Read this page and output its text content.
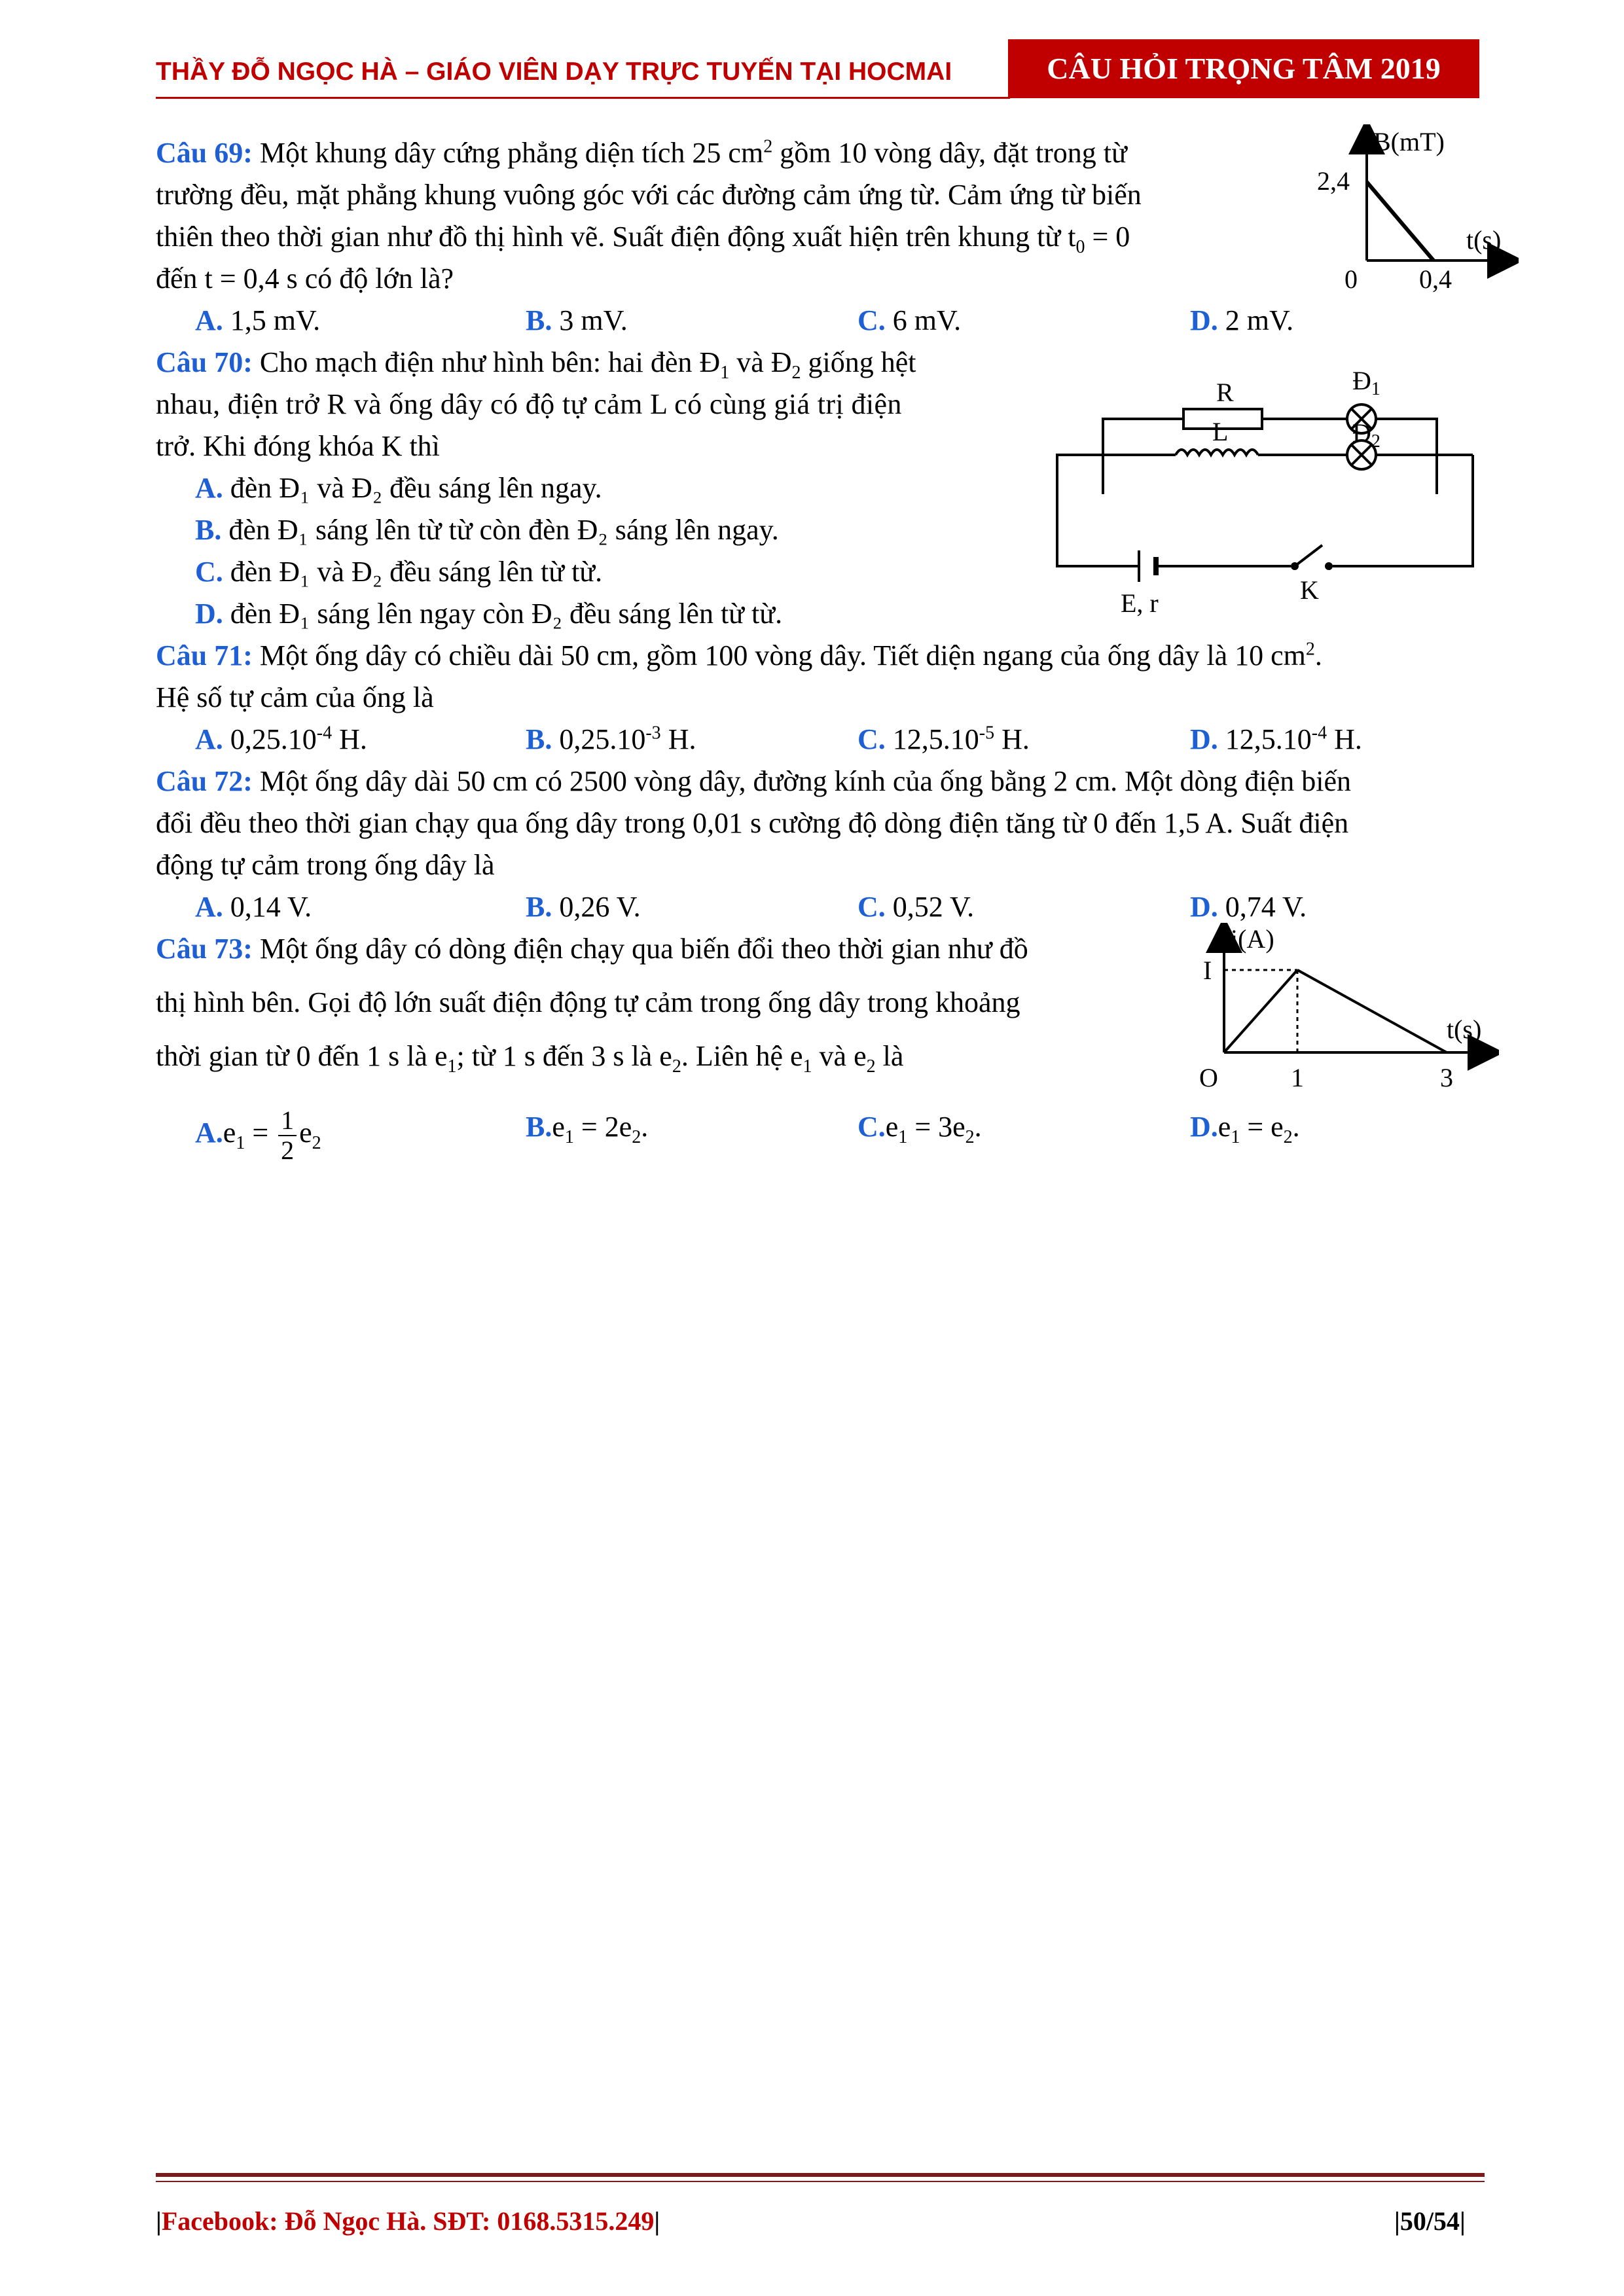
THẦY ĐỖ NGỌC HÀ – GIÁO VIÊN DẠY TRỰC TUYẾN TẠI HOCMAI	CÂU HỎI TRỌNG TÂM 2019
Câu 69: Một khung dây cứng phẳng diện tích 25 $cm^2$ gồm 10 vòng dây, đặt trong từ
trường đều, mặt phẳng khung vuông góc với các đường cảm ứng từ. Cảm ứng từ biến
thiên theo thời gian như đồ thị hình vẽ. Suất điện động xuất hiện trên khung từ $t_0 = 0$
đến t = 0,4 s có độ lớn là?
A. 1,5 mV.	B. 3 mV.	C. 6 mV.	D. 2 mV.
B(mT)
2,4
t(s)
0 0,4
Câu 70: Cho mạch điện như hình bên: hai đèn $Đ_1$ và $Đ_2$ giống hệt
nhau, điện trở R và ống dây có độ tự cảm L có cùng giá trị điện
trở. Khi đóng khóa K thì
A. đèn Đ₁ và Đ₂ đều sáng lên ngay.
B. đèn Đ₁ sáng lên từ từ còn đèn Đ₂ sáng lên ngay.
C. đèn Đ₁ và Đ₂ đều sáng lên từ từ.
D. đèn Đ₁ sáng lên ngay còn Đ₂ đều sáng lên từ từ.
R	$Đ_1$
L	$Đ_2$
E, r	K
Câu 71: Một ống dây có chiều dài 50 cm, gồm 100 vòng dây. Tiết diện ngang của ống dây là 10 $cm^2$.
Hệ số tự cảm của ống là
A. $0,25.10^{-4}$ H.	B. $0,25.10^{-3}$ H.	C. $12,5.10^{-5}$ H.	D. $12,5.10^{-4}$ H.
Câu 72: Một ống dây dài 50 cm có 2500 vòng dây, đường kính của ống bằng 2 cm. Một dòng điện biến
đổi đều theo thời gian chạy qua ống dây trong 0,01 s cường độ dòng điện tăng từ 0 đến 1,5 A. Suất điện
động tự cảm trong ống dây là
A. 0,14 V.	B. 0,26 V.	C. 0,52 V.	D. 0,74 V.
Câu 73: Một ống dây có dòng điện chạy qua biến đổi theo thời gian như đồ
thị hình bên. Gọi độ lớn suất điện động tự cảm trong ống dây trong khoảng
thời gian từ 0 đến 1 s là $e_1$; từ 1 s đến 3 s là $e_2$. Liên hệ $e_1$ và $e_2$ là
$A.e_1 = \frac{1}{2} e_2$
$B.e_1 = 2e_2$.	$C.e_1 = 3e_2$.	$D.e_1 = e_2$.
i(A)
I
t(s)
O	1	3
|Facebook: Đỗ Ngọc Hà. SĐT: 0168.5315.249|	|50/54|
